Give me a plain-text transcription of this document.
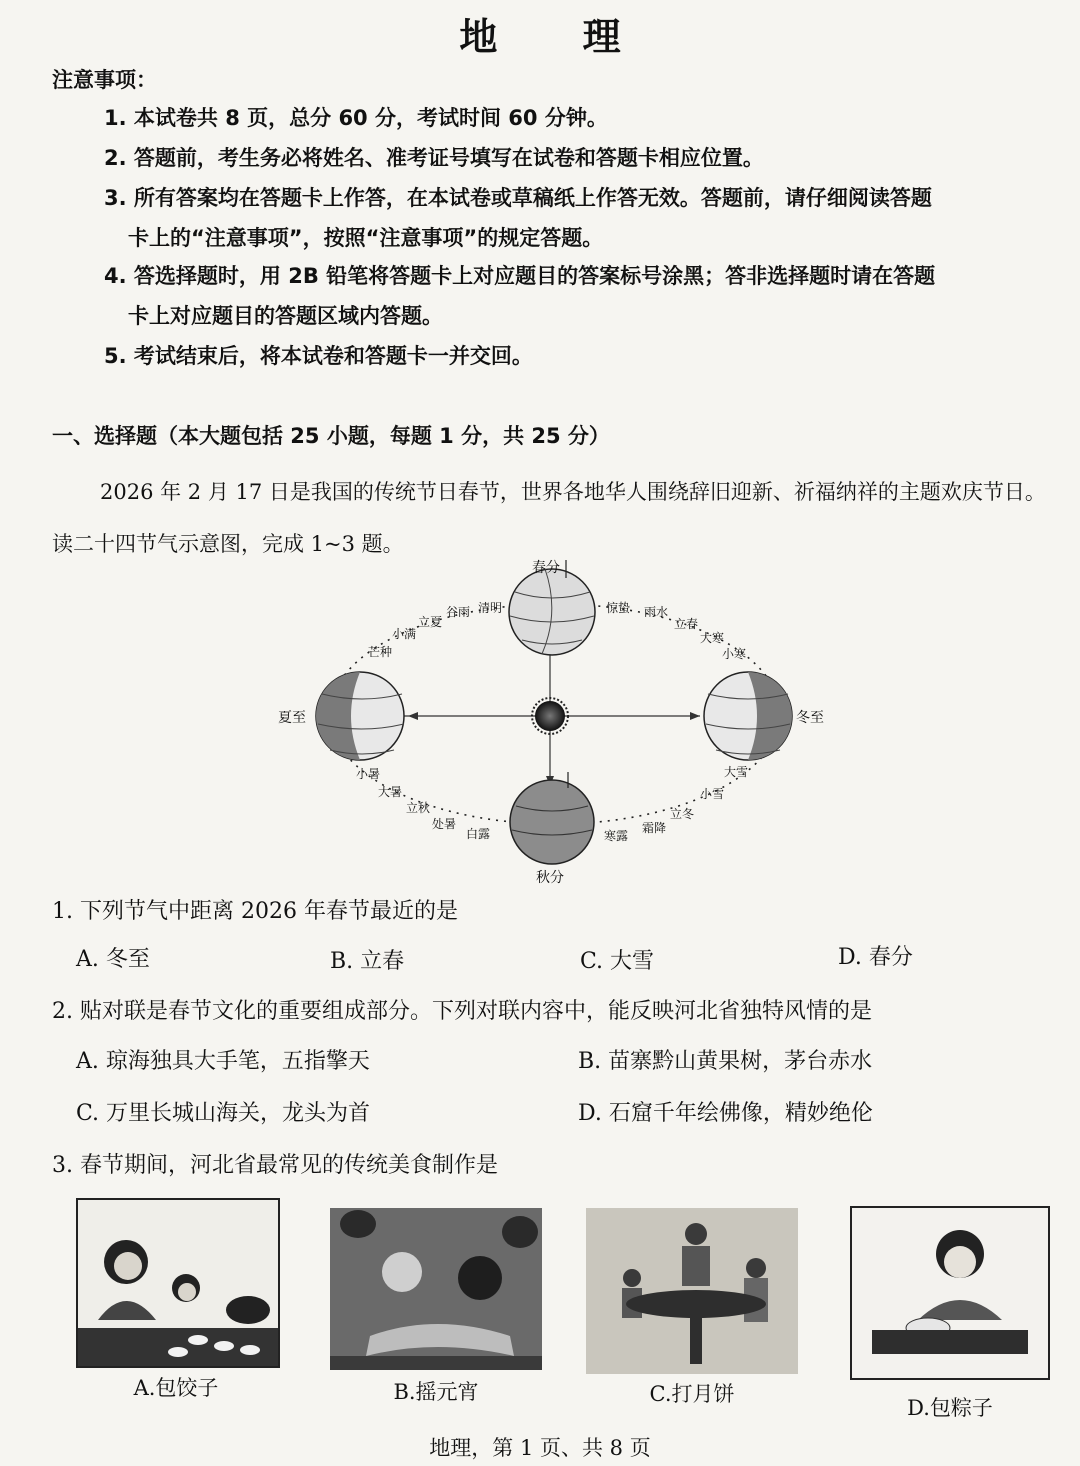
地 理
注意事项：
1. 本试卷共 8 页，总分 60 分，考试时间 60 分钟。
2. 答题前，考生务必将姓名、准考证号填写在试卷和答题卡相应位置。
3. 所有答案均在答题卡上作答，在本试卷或草稿纸上作答无效。答题前，请仔细阅读答题
卡上的“注意事项”，按照“注意事项”的规定答题。
4. 答选择题时，用 2B 铅笔将答题卡上对应题目的答案标号涂黑；答非选择题时请在答题
卡上对应题目的答题区域内答题。
5. 考试结束后，将本试卷和答题卡一并交回。
一、选择题（本大题包括 25 小题，每题 1 分，共 25 分）
2026 年 2 月 17 日是我国的传统节日春节，世界各地华人围绕辞旧迎新、祈福纳祥的主题欢庆节日。读二十四节气示意图，完成 1~3 题。
春分
夏至	冬至
秋分
芒种
小满
立夏
谷雨 清明	惊蛰 雨水
立春
大寒
小寒
小暑
大暑
立秋
处暑
白露
大雪
小雪
立冬
霜降
寒露
1. 下列节气中距离 2026 年春节最近的是
A. 冬至	B. 立春	C. 大雪	D. 春分
2. 贴对联是春节文化的重要组成部分。下列对联内容中，能反映河北省独特风情的是
A. 琼海独具大手笔，五指擎天	B. 苗寨黔山黄果树，茅台赤水
C. 万里长城山海关，龙头为首	D. 石窟千年绘佛像，精妙绝伦
3. 春节期间，河北省最常见的传统美食制作是
A.包饺子	B.摇元宵	C.打月饼
D.包粽子
地理，第 1 页、共 8 页
